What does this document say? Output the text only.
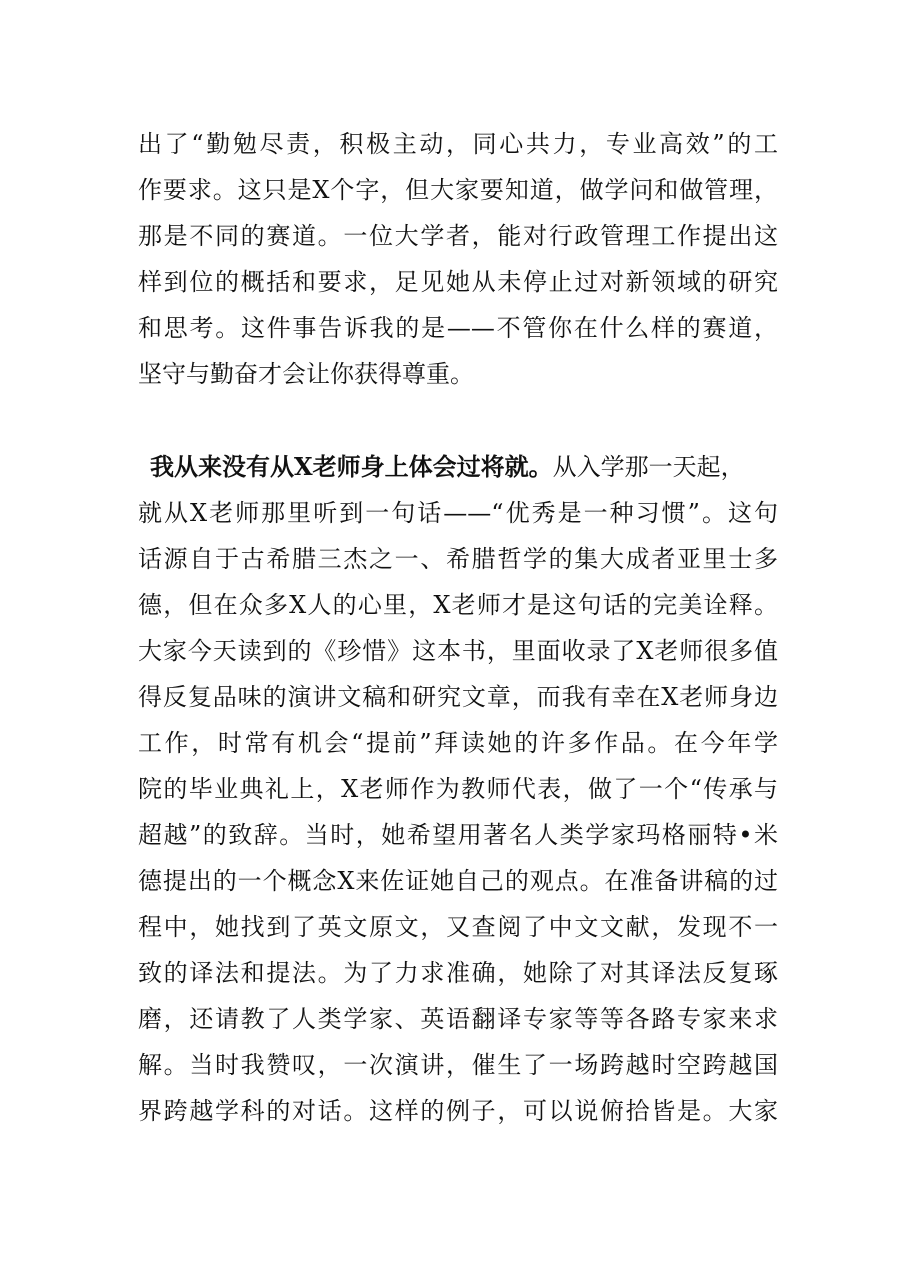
出了“勤勉尽责，积极主动，同心共力，专业高效”的工
作要求。这只是X个字，但大家要知道，做学问和做管理，
那是不同的赛道。一位大学者，能对行政管理工作提出这
样到位的概括和要求，足见她从未停止过对新领域的研究
和思考。这件事告诉我的是——不管你在什么样的赛道，
坚守与勤奋才会让你获得尊重。
我从来没有从X老师身上体会过将就。从入学那一天起，
就从X老师那里听到一句话——“优秀是一种习惯”。这句
话源自于古希腊三杰之一、希腊哲学的集大成者亚里士多
德，但在众多X人的心里，X老师才是这句话的完美诠释。
大家今天读到的《珍惜》这本书，里面收录了X老师很多值
得反复品味的演讲文稿和研究文章，而我有幸在X老师身边
工作，时常有机会“提前”拜读她的许多作品。在今年学
院的毕业典礼上，X老师作为教师代表，做了一个“传承与
超越”的致辞。当时，她希望用著名人类学家玛格丽特•米
德提出的一个概念X来佐证她自己的观点。在准备讲稿的过
程中，她找到了英文原文，又查阅了中文文献，发现不一
致的译法和提法。为了力求准确，她除了对其译法反复琢
磨，还请教了人类学家、英语翻译专家等等各路专家来求
解。当时我赞叹，一次演讲，催生了一场跨越时空跨越国
界跨越学科的对话。这样的例子，可以说俯拾皆是。大家
